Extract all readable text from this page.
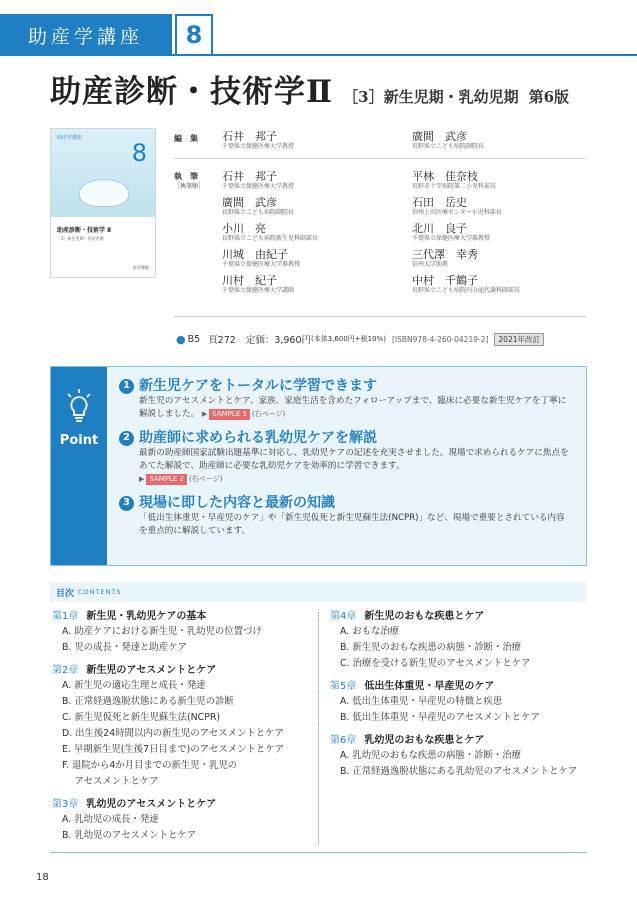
助産学講座	8
助産診断・技術学Ⅱ ［3］新生児期・乳幼児期 第6版
助産学講座
8
助産診断・技術学 Ⅱ
［3］新生児期・乳幼児期
医学書院
編　集 石井　邦子
千葉県立保健医療大学教授
廣間　武彦
長野県立こども病院副院長
執　筆
［執筆順］
石井　邦子
千葉県立保健医療大学教授
平林　佳奈枝
長野赤十字病院第二小児科部長
廣間　武彦
長野県立こども病院副院長
石田　岳史
信州上田医療センター小児科部長
小川　亮
長野県立こども病院新生児科副部長
北川　良子
千葉県立保健医療大学准教授
川城　由紀子
千葉県立保健医療大学准教授
三代澤　幸秀
信州大学助教
川村　紀子
千葉県立保健医療大学講師
中村　千鶴子
長野県立こども病院内分泌代謝科副部長
● B5 頁272 定価：3,960円 (本体3,600円+税10%) [ISBN978-4-260-04219-2]	2021年改訂
Point
1 新生児ケアをトータルに学習できます
新生児のアセスメントとケア、家族、家庭生活を含めたフォローアップまで、臨床に必要な新生児ケアを丁寧に解説しました。 ▶ SAMPLE 1 (右ページ)
2 助産師に求められる乳幼児ケアを解説
最新の助産師国家試験出題基準に対応し、乳幼児ケアの記述を充実させました。現場で求められるケアに焦点をあてた解説で、助産師に必要な乳幼児ケアを効率的に学習できます。
▶ SAMPLE 2 (右ページ)
3 現場に即した内容と最新の知識
「低出生体重児・早産児のケア」や「新生児仮死と新生児蘇生法(NCPR)」など、現場で重要とされている内容を重点的に解説しています。
目次 CONTENTS
第1章 新生児・乳幼児ケアの基本
A. 助産ケアにおける新生児・乳幼児の位置づけ
B. 児の成長・発達と助産ケア
第2章 新生児のアセスメントとケア
A. 新生児の適応生理と成長・発達
B. 正常経過逸脱状態にある新生児の診断
C. 新生児仮死と新生児蘇生法(NCPR)
D. 出生後24時間以内の新生児のアセスメントとケア
E. 早期新生児(生後7日目まで)のアセスメントとケア
F. 退院から4か月目までの新生児・乳児の
　 アセスメントとケア
第3章 乳幼児のアセスメントとケア
A. 乳幼児の成長・発達
B. 乳幼児のアセスメントとケア
第4章 新生児のおもな疾患とケア
A. おもな治療
B. 新生児のおもな疾患の病態・診断・治療
C. 治療を受ける新生児のアセスメントとケア
第5章 低出生体重児・早産児のケア
A. 低出生体重児・早産児の特徴と疾患
B. 低出生体重児・早産児のアセスメントとケア
第6章 乳幼児のおもな疾患とケア
A. 乳幼児のおもな疾患の病態・診断・治療
B. 正常経過逸脱状態にある乳幼児のアセスメントとケア
18
